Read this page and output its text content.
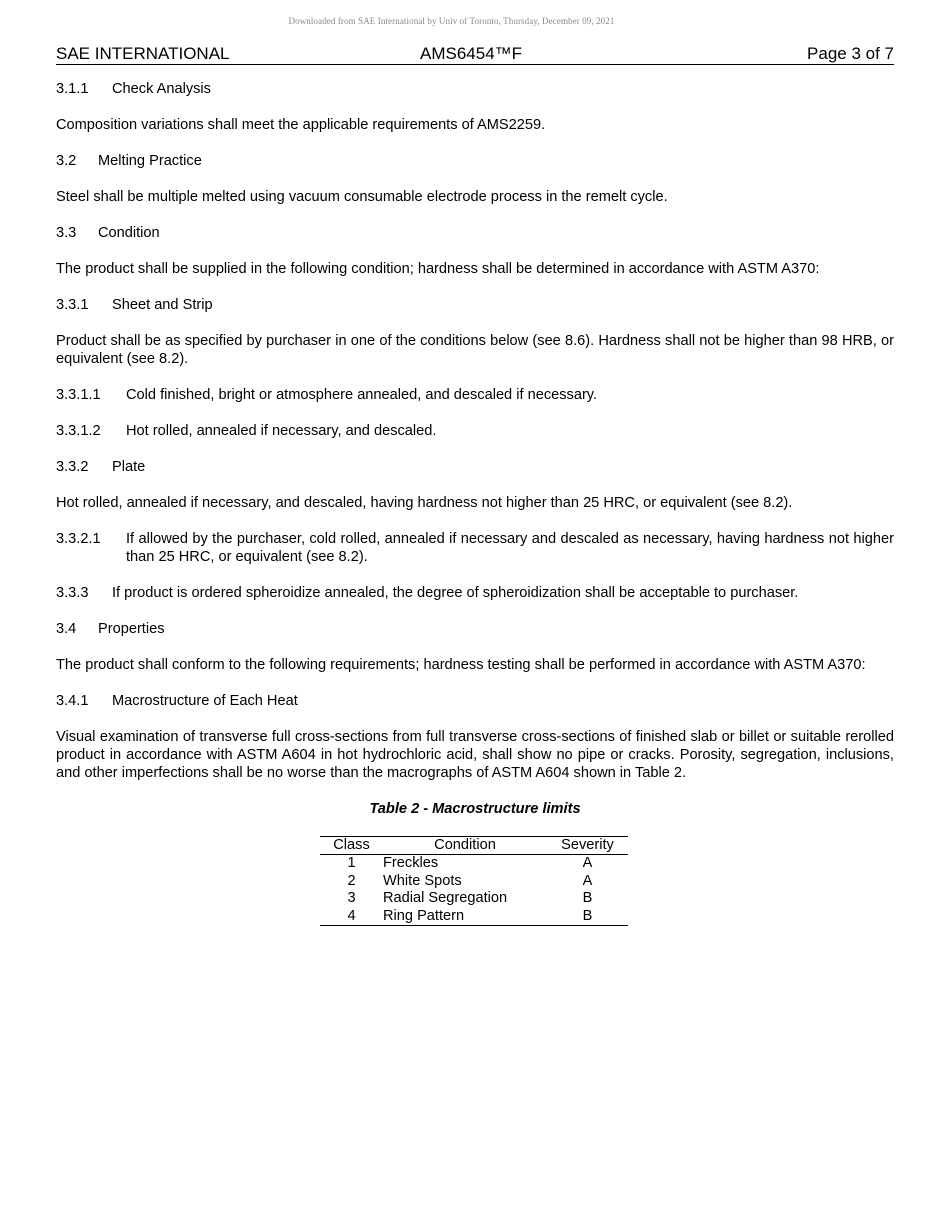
Downloaded from SAE International by Univ of Toronto, Thursday, December 09, 2021
SAE INTERNATIONAL	AMS6454™F	Page 3 of 7
3.1.1 Check Analysis

Composition variations shall meet the applicable requirements of AMS2259.

3.2 Melting Practice

Steel shall be multiple melted using vacuum consumable electrode process in the remelt cycle.

3.3 Condition

The product shall be supplied in the following condition; hardness shall be determined in accordance with ASTM A370:

3.3.1 Sheet and Strip

Product shall be as specified by purchaser in one of the conditions below (see 8.6). Hardness shall not be higher than 98 HRB, or equivalent (see 8.2).

3.3.1.1 Cold finished, bright or atmosphere annealed, and descaled if necessary.
3.3.1.2 Hot rolled, annealed if necessary, and descaled.
3.3.2 Plate

Hot rolled, annealed if necessary, and descaled, having hardness not higher than 25 HRC, or equivalent (see 8.2).

3.3.2.1 If allowed by the purchaser, cold rolled, annealed if necessary and descaled as necessary, having hardness not higher than 25 HRC, or equivalent (see 8.2).
3.3.3 If product is ordered spheroidize annealed, the degree of spheroidization shall be acceptable to purchaser.
3.4 Properties

The product shall conform to the following requirements; hardness testing shall be performed in accordance with ASTM A370:

3.4.1 Macrostructure of Each Heat

Visual examination of transverse full cross-sections from full transverse cross-sections of finished slab or billet or suitable rerolled product in accordance with ASTM A604 in hot hydrochloric acid, shall show no pipe or cracks. Porosity, segregation, inclusions, and other imperfections shall be no worse than the macrographs of ASTM A604 shown in Table 2.

Table 2 - Macrostructure limits

Class	Condition	Severity
1	Freckles	A
2	White Spots	A
3	Radial Segregation	B
4	Ring Pattern	B
